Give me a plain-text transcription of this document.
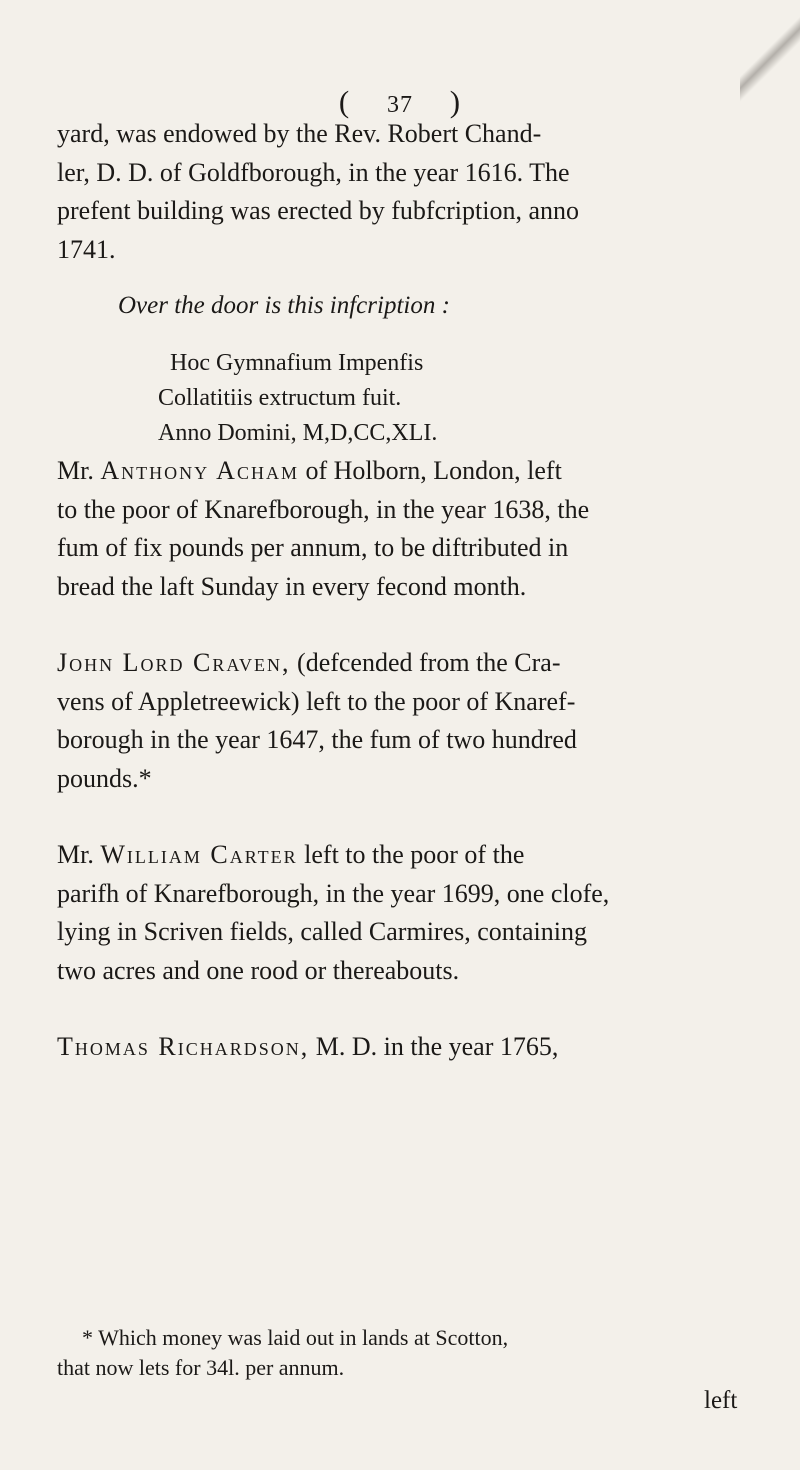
( 37 )

yard, was endowed by the Rev. Robert Chand-
ler, D. D. of Goldfborough, in the year 1616. The
prefent building was erected by fubfcription, anno
1741.

Over the door is this infcription :

Hoc Gymnafium Impenfis
Collatitiis extructum fuit.
Anno Domini, M,D,CC,XLI.

Mr. Anthony Acham of Holborn, London, left
to the poor of Knarefborough, in the year 1638, the
fum of fix pounds per annum, to be diftributed in
bread the laft Sunday in every fecond month.

John Lord Craven, (defcended from the Cra-
vens of Appletreewick) left to the poor of Knaref-
borough in the year 1647, the fum of two hundred
pounds.*

Mr. William Carter left to the poor of the
parifh of Knarefborough, in the year 1699, one clofe,
lying in Scriven fields, called Carmires, containing
two acres and one rood or thereabouts.

Thomas Richardson, M. D. in the year 1765,

* Which money was laid out in lands at Scotton,
that now lets for 34l. per annum.
left
